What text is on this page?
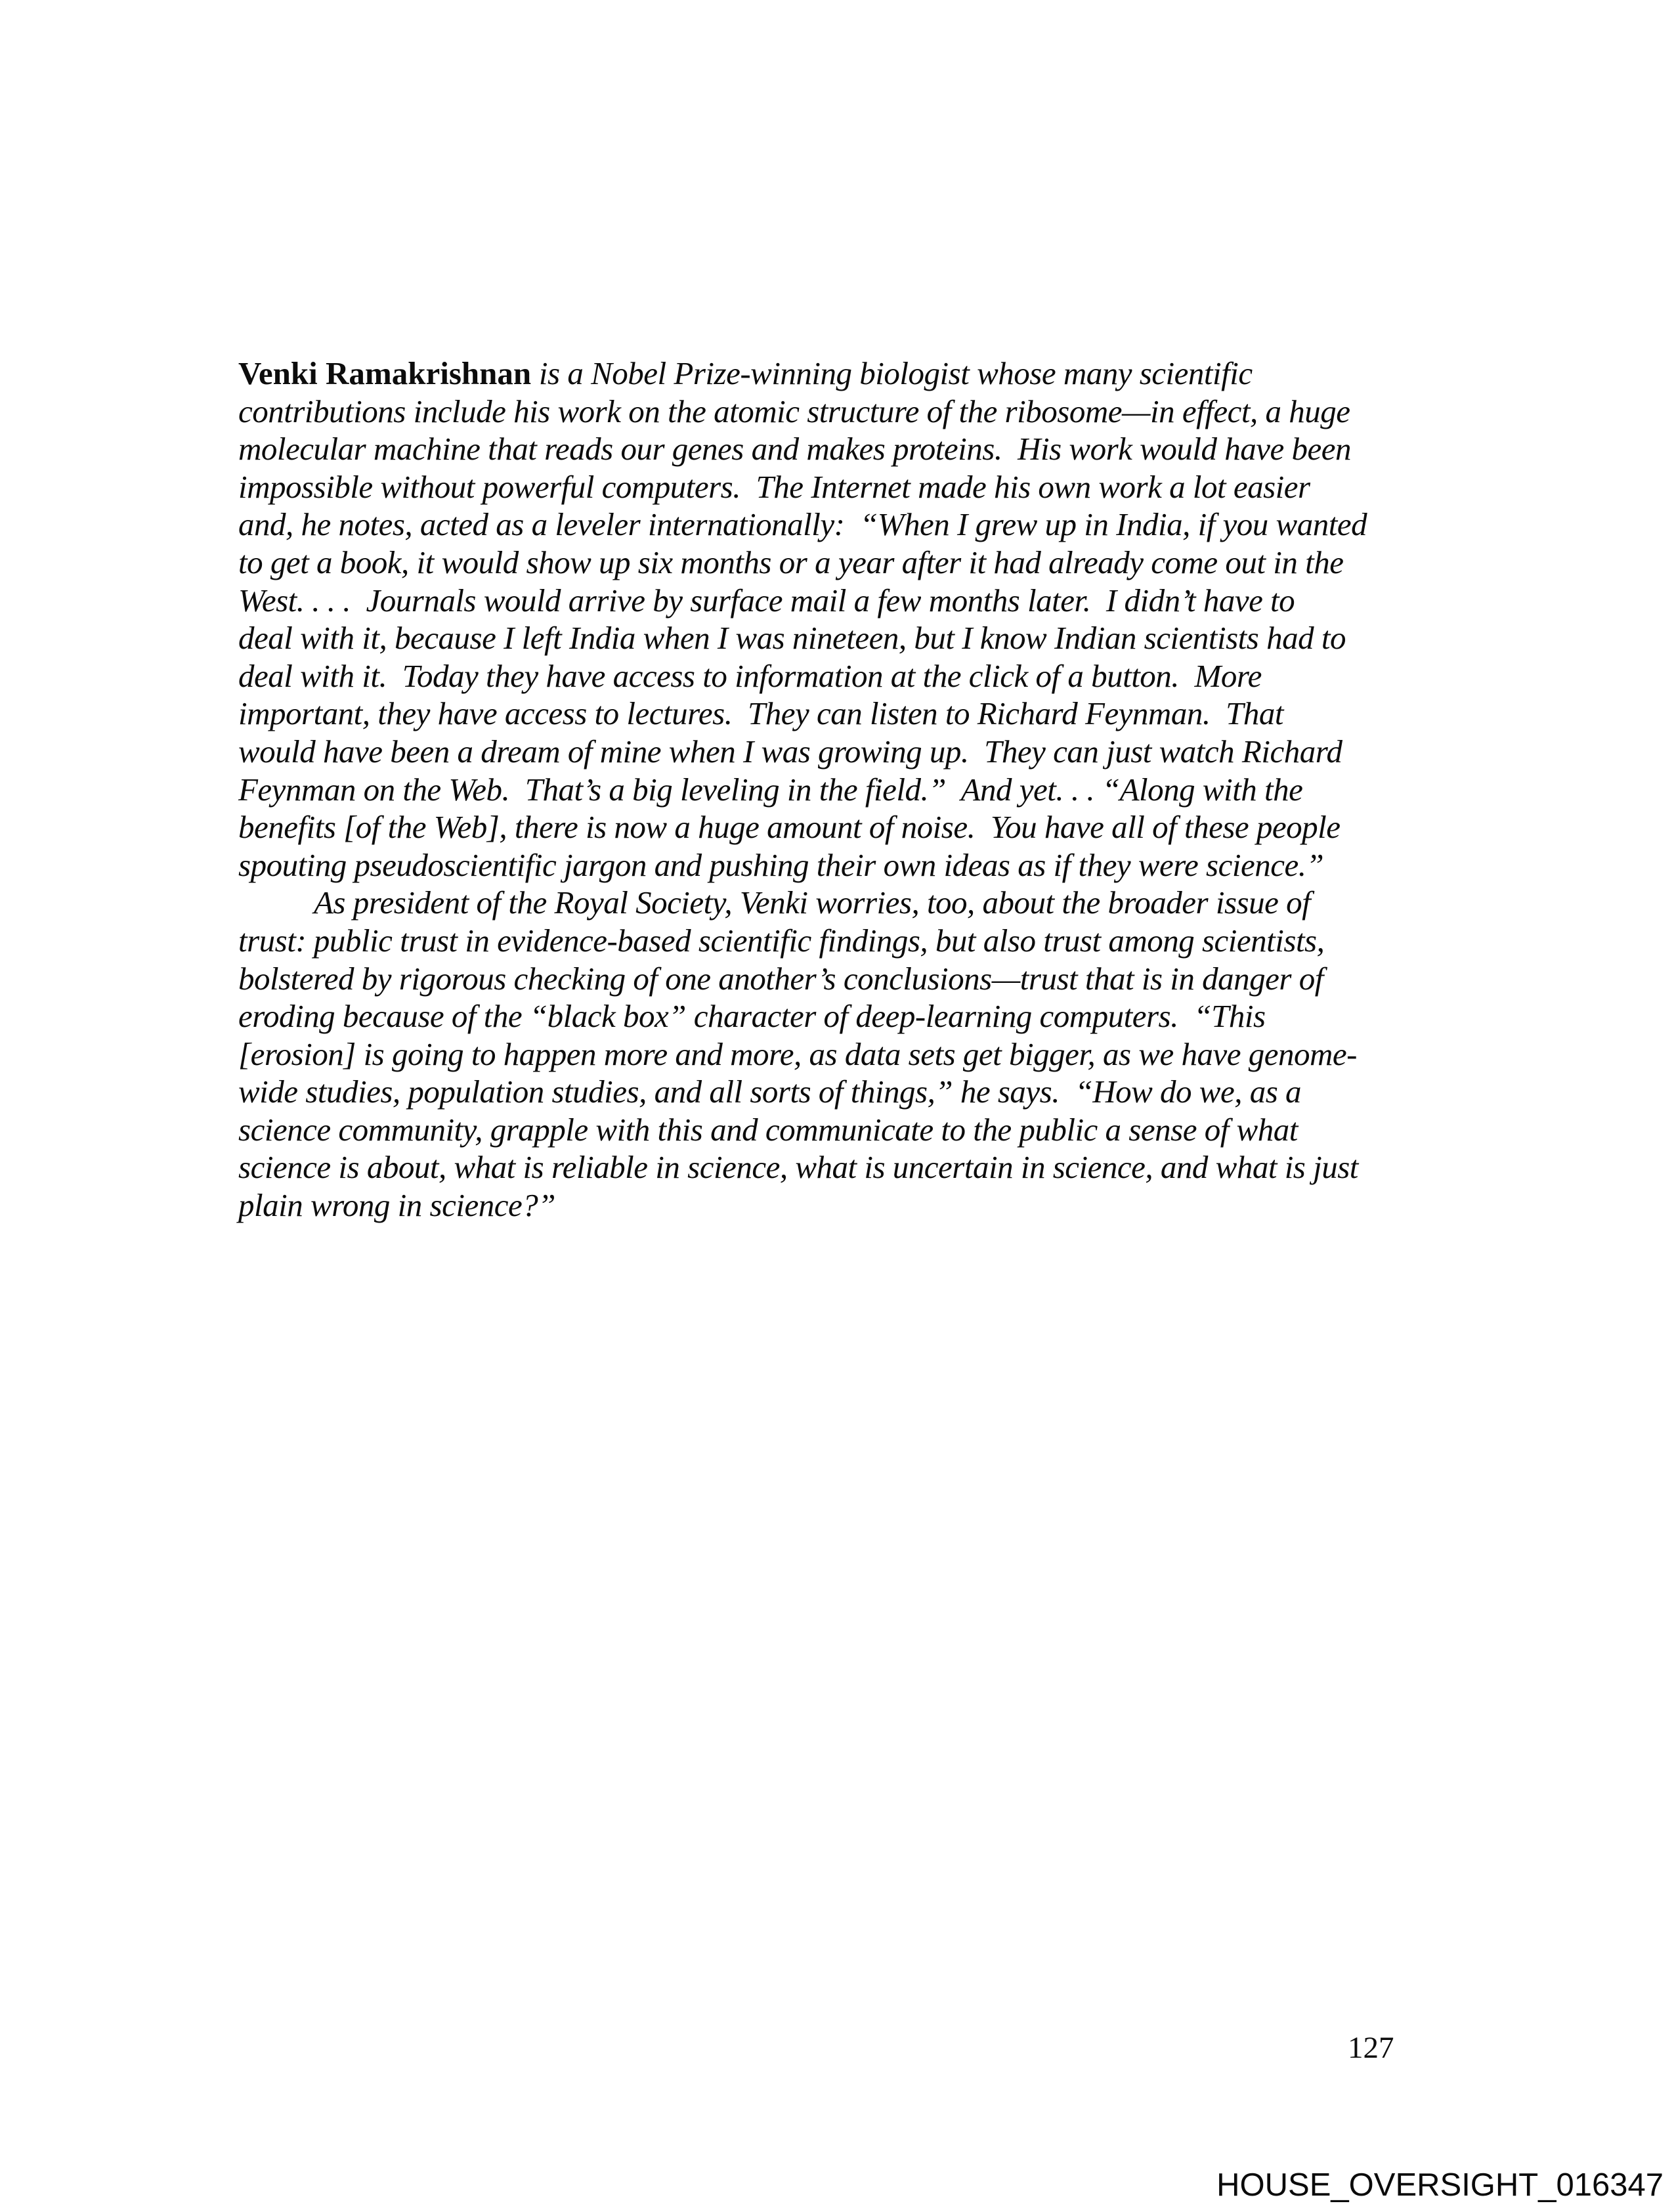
Venki Ramakrishnan is a Nobel Prize-winning biologist whose many scientific
contributions include his work on the atomic structure of the ribosome—in effect, a huge
molecular machine that reads our genes and makes proteins.  His work would have been
impossible without powerful computers.  The Internet made his own work a lot easier
and, he notes, acted as a leveler internationally:  “When I grew up in India, if you wanted
to get a book, it would show up six months or a year after it had already come out in the
West. . . .  Journals would arrive by surface mail a few months later.  I didn’t have to
deal with it, because I left India when I was nineteen, but I know Indian scientists had to
deal with it.  Today they have access to information at the click of a button.  More
important, they have access to lectures.  They can listen to Richard Feynman.  That
would have been a dream of mine when I was growing up.  They can just watch Richard
Feynman on the Web.  That’s a big leveling in the field.”  And yet. . . “Along with the
benefits [of the Web], there is now a huge amount of noise.  You have all of these people
spouting pseudoscientific jargon and pushing their own ideas as if they were science.”
As president of the Royal Society, Venki worries, too, about the broader issue of
trust: public trust in evidence-based scientific findings, but also trust among scientists,
bolstered by rigorous checking of one another’s conclusions—trust that is in danger of
eroding because of the “black box” character of deep-learning computers.  “This
[erosion] is going to happen more and more, as data sets get bigger, as we have genome-
wide studies, population studies, and all sorts of things,” he says.  “How do we, as a
science community, grapple with this and communicate to the public a sense of what
science is about, what is reliable in science, what is uncertain in science, and what is just
plain wrong in science?”
127
HOUSE_OVERSIGHT_016347
